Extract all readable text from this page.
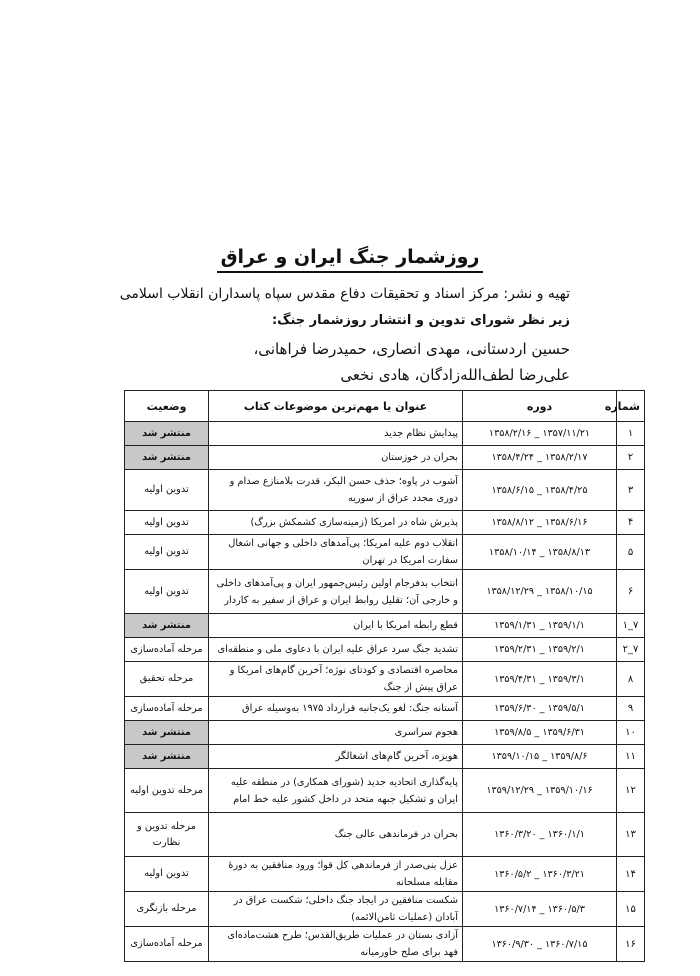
روزشمار جنگ ایران و عراق
تهیه و نشر: مرکز اسناد و تحقیقات دفاع مقدس سپاه پاسداران انقلاب اسلامی
زیر نظر شورای تدوین و انتشار روزشمار جنگ:
حسین اردستانی، مهدی انصاری، حمیدرضا فراهانی،
علی‌رضا لطف‌الله‌زادگان، هادی نخعی
شماره	دوره	عنوان یا مهم‌ترین موضوعات کتاب	وضعیت
۱	۱۳۵۷/۱۱/۲۱ _ ۱۳۵۸/۲/۱۶	پیدایش نظام جدید	منتشر شد
۲	۱۳۵۸/۲/۱۷ _ ۱۳۵۸/۴/۲۴	بحران در خوزستان	منتشر شد
۳	۱۳۵۸/۴/۲۵ _ ۱۳۵۸/۶/۱۵	آشوب در پاوه؛ حذف حسن البکر، قدرت بلامنازع صدام و دوری مجدد عراق از سوریه	تدوین اولیه
۴	۱۳۵۸/۶/۱۶ _ ۱۳۵۸/۸/۱۲	پذیرش شاه در امریکا (زمینه‌سازی کشمکش بزرگ)	تدوین اولیه
۵	۱۳۵۸/۸/۱۳ _ ۱۳۵۸/۱۰/۱۴	انقلاب دوم علیه امریکا؛ پی‌آمدهای داخلی و جهانی اشغال سفارت امریکا در تهران	تدوین اولیه
۶	۱۳۵۸/۱۰/۱۵ _ ۱۳۵۸/۱۲/۲۹	انتخاب بدفرجام اولین رئیس‌جمهور ایران و پی‌آمدهای داخلی و خارجی آن؛ تقلیل روابط ایران و عراق از سفیر به کاردار	تدوین اولیه
۷_۱	۱۳۵۹/۱/۱ _ ۱۳۵۹/۱/۳۱	قطع رابطه امریکا با ایران	منتشر شد
۷_۲	۱۳۵۹/۲/۱ _ ۱۳۵۹/۲/۳۱	تشدید جنگ سرد عراق علیه ایران با دعاوی ملی و منطقه‌ای	مرحله آماده‌سازی
۸	۱۳۵۹/۳/۱ _ ۱۳۵۹/۴/۳۱	محاصره اقتصادی و کودتای نوژه؛ آخرین گام‌های امریکا و عراق پیش از جنگ	مرحله تحقیق
۹	۱۳۵۹/۵/۱ _ ۱۳۵۹/۶/۳۰	آستانه جنگ: لغو یک‌جانبه قرارداد ۱۹۷۵ به‌وسیله عراق	مرحله آماده‌سازی
۱۰	۱۳۵۹/۶/۳۱ _ ۱۳۵۹/۸/۵	هجوم سراسری	منتشر شد
۱۱	۱۳۵۹/۸/۶ _ ۱۳۵۹/۱۰/۱۵	هویزه، آخرین گام‌های اشغالگر	منتشر شد
۱۲	۱۳۵۹/۱۰/۱۶ _ ۱۳۵۹/۱۲/۲۹	پایه‌گذاری اتحادیه جدید (شورای همکاری) در منطقه علیه ایران و تشکیل جبهه متحد در داخل کشور علیه خط امام	مرحله تدوین اولیه
۱۳	۱۳۶۰/۱/۱ _ ۱۳۶۰/۳/۲۰	بحران در فرماندهی عالی جنگ	مرحله تدوین و نظارت
۱۴	۱۳۶۰/۳/۲۱ _ ۱۳۶۰/۵/۲	عزل بنی‌صدر از فرماندهی کل قوا؛ ورود منافقین به دورهٔ مقابله مسلحانه	تدوین اولیه
۱۵	۱۳۶۰/۵/۳ _ ۱۳۶۰/۷/۱۴	شکست منافقین در ایجاد جنگ داخلی؛ شکست عراق در آبادان (عملیات ثامن‌الائمه)	مرحله بازنگری
۱۶	۱۳۶۰/۷/۱۵ _ ۱۳۶۰/۹/۳۰	آزادی بستان در عملیات طریق‌القدس؛ طرح هشت‌ماده‌ای فهد برای صلح خاورمیانه	مرحله آماده‌سازی
